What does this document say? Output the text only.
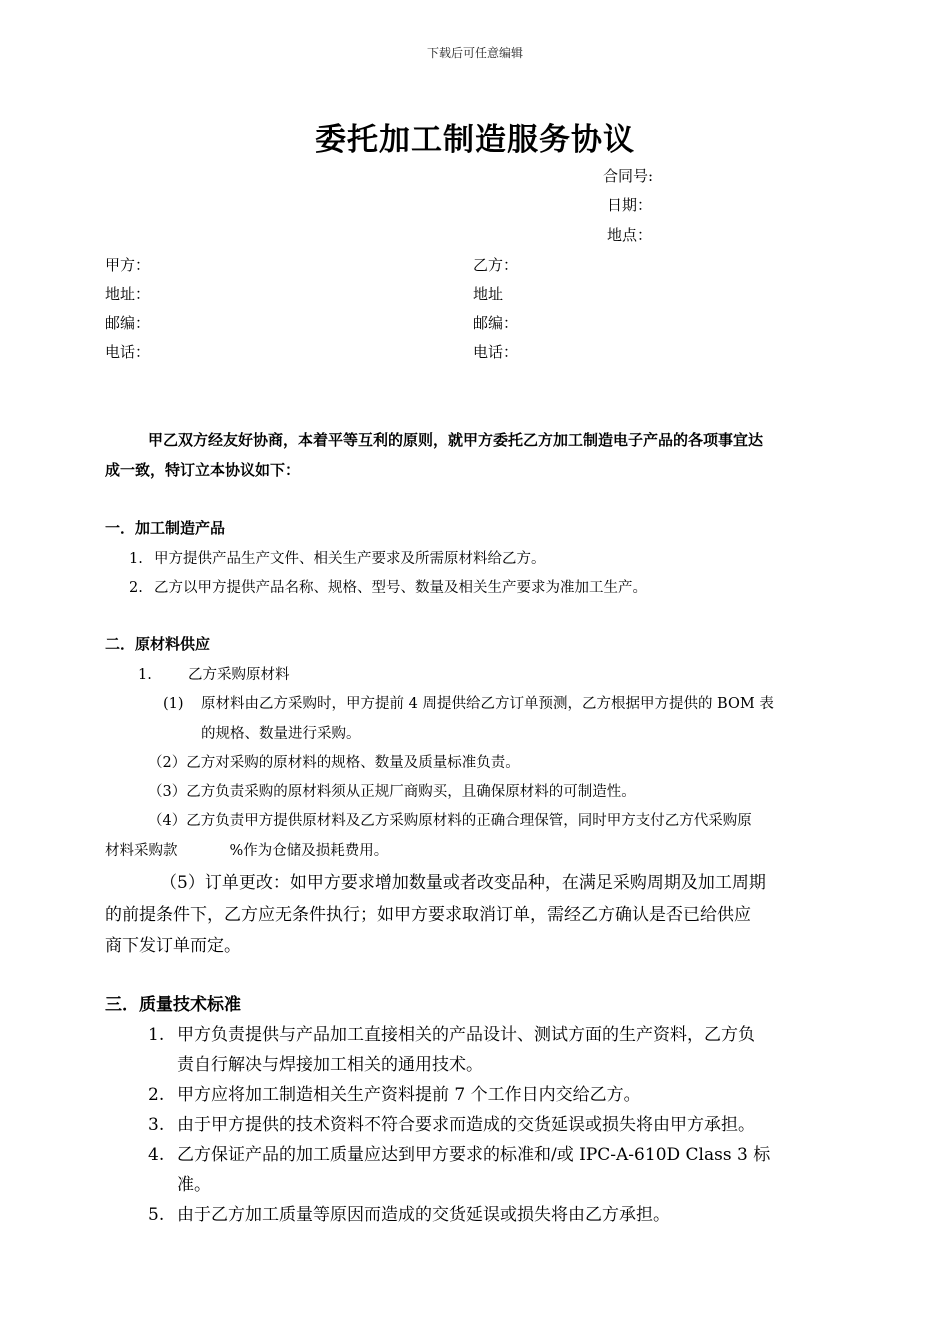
下载后可任意编辑
委托加工制造服务协议
合同号:
日期：
地点：
甲方：
地址：
邮编：
电话：
乙方：
地址
邮编：
电话：
甲乙双方经友好协商，本着平等互利的原则，就甲方委托乙方加工制造电子产品的各项事宜达
成一致，特订立本协议如下：
一．加工制造产品
1. 甲方提供产品生产文件、相关生产要求及所需原材料给乙方。
2. 乙方以甲方提供产品名称、规格、型号、数量及相关生产要求为准加工生产。
二．原材料供应
1. 乙方采购原材料
(1) 原材料由乙方采购时，甲方提前 4 周提供给乙方订单预测，乙方根据甲方提供的 BOM 表
的规格、数量进行采购。
（2）乙方对采购的原材料的规格、数量及质量标准负责。
（3）乙方负责采购的原材料须从正规厂商购买，且确保原材料的可制造性。
（4）乙方负责甲方提供原材料及乙方采购原材料的正确合理保管，同时甲方支付乙方代采购原
材料采购款	%作为仓储及损耗费用。
（5）订单更改：如甲方要求增加数量或者改变品种，在满足采购周期及加工周期
的前提条件下，乙方应无条件执行；如甲方要求取消订单，需经乙方确认是否已给供应
商下发订单而定。
三．质量技术标准
1. 甲方负责提供与产品加工直接相关的产品设计、测试方面的生产资料，乙方负
责自行解决与焊接加工相关的通用技术。
2. 甲方应将加工制造相关生产资料提前 7 个工作日内交给乙方。
3. 由于甲方提供的技术资料不符合要求而造成的交货延误或损失将由甲方承担。
4. 乙方保证产品的加工质量应达到甲方要求的标准和/或 IPC-A-610D Class 3 标
准。
5. 由于乙方加工质量等原因而造成的交货延误或损失将由乙方承担。
